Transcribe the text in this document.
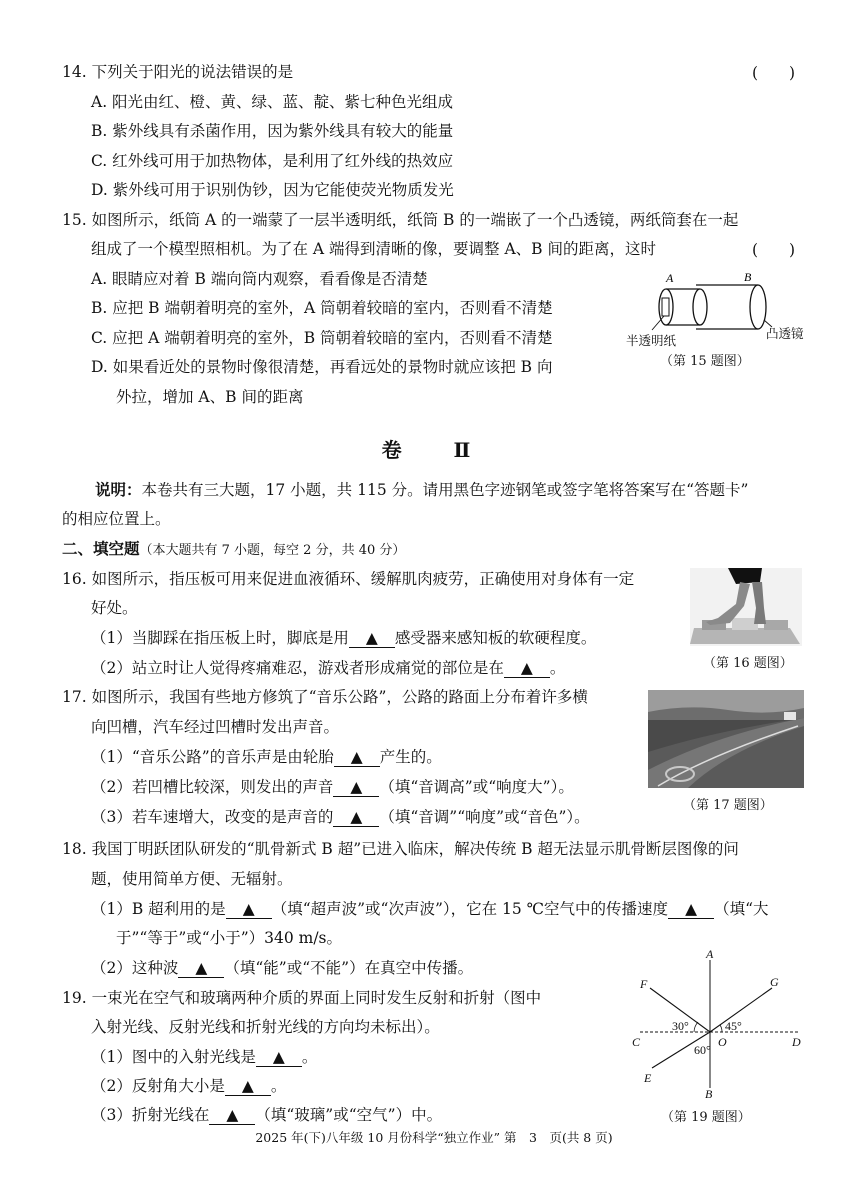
14. 下列关于阳光的说法错误的是	(　　)
A. 阳光由红、橙、黄、绿、蓝、靛、紫七种色光组成
B. 紫外线具有杀菌作用，因为紫外线具有较大的能量
C. 红外线可用于加热物体，是利用了红外线的热效应
D. 紫外线可用于识别伪钞，因为它能使荧光物质发光
15. 如图所示，纸筒 A 的一端蒙了一层半透明纸，纸筒 B 的一端嵌了一个凸透镜，两纸筒套在一起
组成了一个模型照相机。为了在 A 端得到清晰的像，要调整 A、B 间的距离，这时	(　　)
A. 眼睛应对着 B 端向筒内观察，看看像是否清楚
B. 应把 B 端朝着明亮的室外，A 筒朝着较暗的室内，否则看不清楚
C. 应把 A 端朝着明亮的室外，B 筒朝着较暗的室内，否则看不清楚
D. 如果看近处的景物时像很清楚，再看远处的景物时就应该把 B 向
外拉，增加 A、B 间的距离
A	B
半透明纸	凸透镜
（第 15 题图）
卷　Ⅱ
说明：本卷共有三大题，17 小题，共 115 分。请用黑色字迹钢笔或签字笔将答案写在“答题卡”
的相应位置上。
二、填空题（本大题共有 7 小题，每空 2 分，共 40 分）
16. 如图所示，指压板可用来促进血液循环、缓解肌肉疲劳，正确使用对身体有一定
好处。
（1）当脚踩在指压板上时，脚底是用 ▲ 感受器来感知板的软硬程度。
（2）站立时让人觉得疼痛难忍，游戏者形成痛觉的部位是在 ▲ 。	（第 16 题图）
17. 如图所示，我国有些地方修筑了“音乐公路”，公路的路面上分布着许多横
向凹槽，汽车经过凹槽时发出声音。
（1）“音乐公路”的音乐声是由轮胎 ▲ 产生的。
（2）若凹槽比较深，则发出的声音 ▲ （填“音调高”或“响度大”）。
（3）若车速增大，改变的是声音的 ▲ （填“音调”“响度”或“音色”）。
（第 17 题图）
18. 我国丁明跃团队研发的“肌骨新式 B 超”已进入临床，解决传统 B 超无法显示肌骨断层图像的问
题，使用简单方便、无辐射。
（1）B 超利用的是 ▲ （填“超声波”或“次声波”），它在 15 ℃空气中的传播速度 ▲ （填“大
于”“等于”或“小于”）340 m/s。
（2）这种波 ▲ （填“能”或“不能”）在真空中传播。
19. 一束光在空气和玻璃两种介质的界面上同时发生反射和折射（图中
入射光线、反射光线和折射光线的方向均未标出）。
（1）图中的入射光线是 ▲ 。
（2）反射角大小是 ▲ 。
（3）折射光线在 ▲ （填“玻璃”或“空气”）中。
A
B
C	D
E
F	G
O
30°	45°
60°
（第 19 题图）
2025 年(下)八年级 10 月份科学“独立作业” 第　3　页(共 8 页)
